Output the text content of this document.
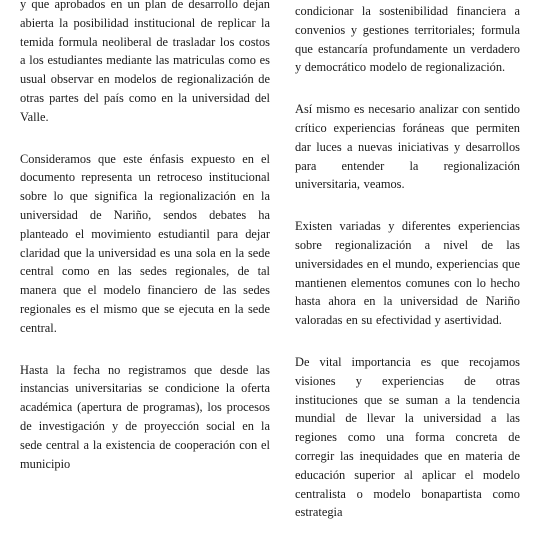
y que aprobados en un plan de desarrollo dejan abierta la posibilidad institucional de replicar la temida formula neoliberal de trasladar los costos a los estudiantes mediante las matriculas como es usual observar en modelos de regionalización de otras partes del país como en la universidad del Valle.

Consideramos que este énfasis expuesto en el documento representa un retroceso institucional sobre lo que significa la regionalización en la universidad de Nariño, sendos debates ha planteado el movimiento estudiantil para dejar claridad que la universidad es una sola en la sede central como en las sedes regionales, de tal manera que el modelo financiero de las sedes regionales es el mismo que se ejecuta en la sede central.

Hasta la fecha no registramos que desde las instancias universitarias se condicione la oferta académica (apertura de programas), los procesos de investigación y de proyección social en la sede central a la existencia de cooperación con el municipio

condicionar la sostenibilidad financiera a convenios y gestiones territoriales; formula que estancaría profundamente un verdadero y democrático modelo de regionalización.

Así mismo es necesario analizar con sentido crítico experiencias foráneas que permiten dar luces a nuevas iniciativas y desarrollos para entender la regionalización universitaria, veamos.

Existen variadas y diferentes experiencias sobre regionalización a nivel de las universidades en el mundo, experiencias que mantienen elementos comunes con lo hecho hasta ahora en la universidad de Nariño valoradas en su efectividad y asertividad.

De vital importancia es que recojamos visiones y experiencias de otras instituciones que se suman a la tendencia mundial de llevar la universidad a las regiones como una forma concreta de corregir las inequidades que en materia de educación superior al aplicar el modelo centralista o modelo bonapartista como estrategia
